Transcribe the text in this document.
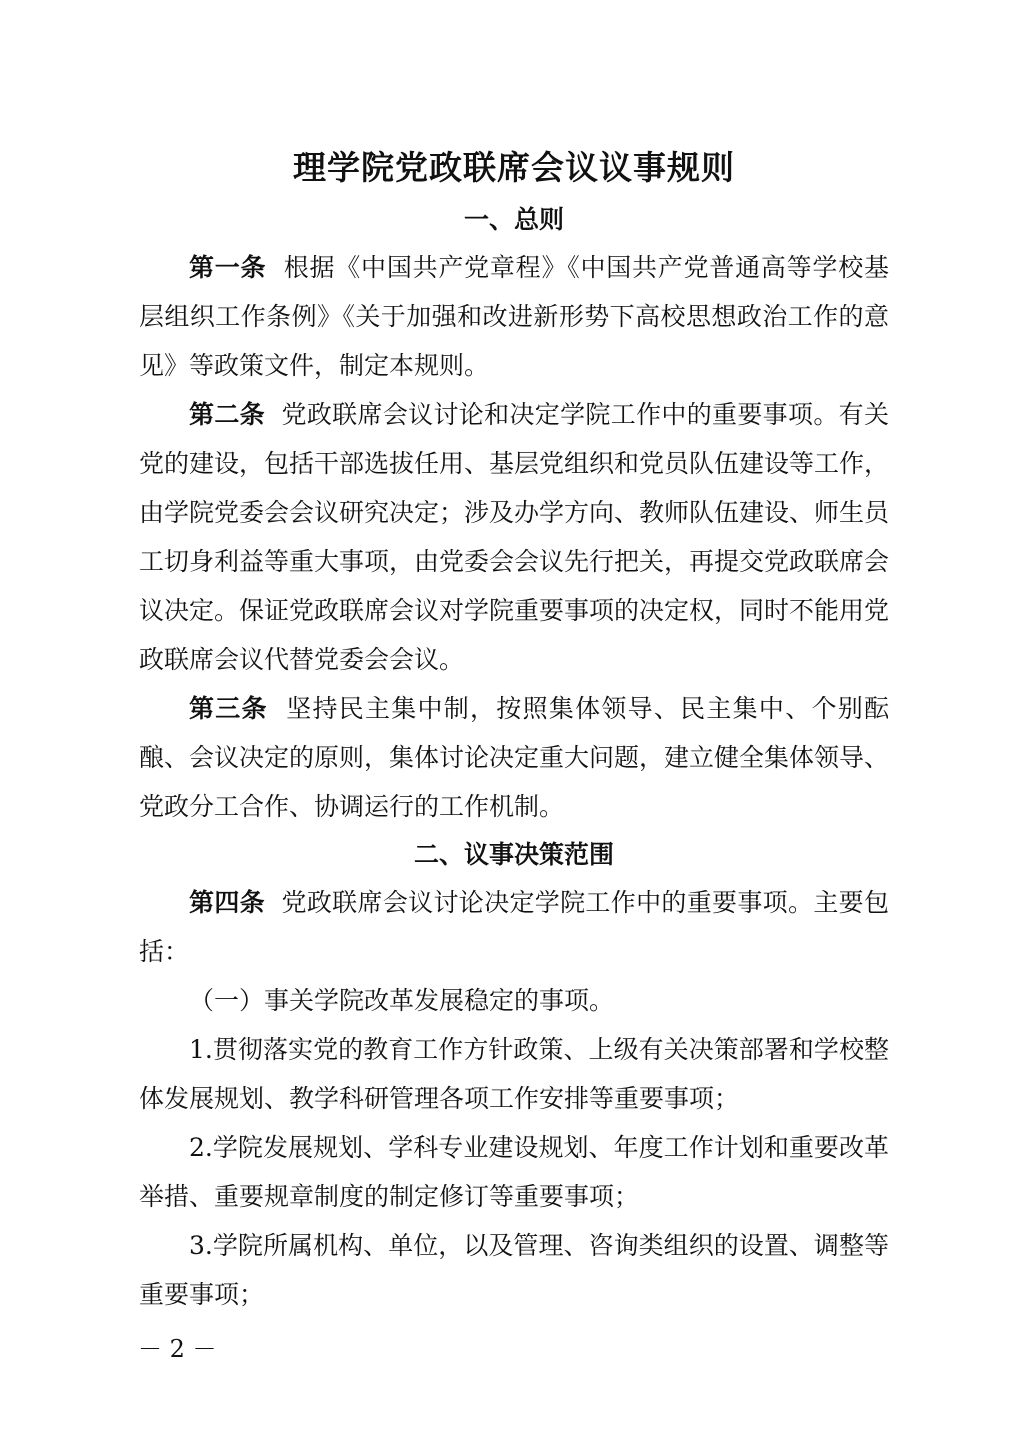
理学院党政联席会议议事规则
一、总则

第一条 根据《中国共产党章程》《中国共产党普通高等学校基层组织工作条例》《关于加强和改进新形势下高校思想政治工作的意见》等政策文件，制定本规则。

第二条 党政联席会议讨论和决定学院工作中的重要事项。有关党的建设，包括干部选拔任用、基层党组织和党员队伍建设等工作，由学院党委会会议研究决定；涉及办学方向、教师队伍建设、师生员工切身利益等重大事项，由党委会会议先行把关，再提交党政联席会议决定。保证党政联席会议对学院重要事项的决定权，同时不能用党政联席会议代替党委会会议。

第三条 坚持民主集中制，按照集体领导、民主集中、个别酝酿、会议决定的原则，集体讨论决定重大问题，建立健全集体领导、党政分工合作、协调运行的工作机制。

二、议事决策范围

第四条 党政联席会议讨论决定学院工作中的重要事项。主要包括：

（一）事关学院改革发展稳定的事项。

1.贯彻落实党的教育工作方针政策、上级有关决策部署和学校整体发展规划、教学科研管理各项工作安排等重要事项；

2.学院发展规划、学科专业建设规划、年度工作计划和重要改革举措、重要规章制度的制定修订等重要事项；

3.学院所属机构、单位，以及管理、咨询类组织的设置、调整等重要事项；

－ 2 －
